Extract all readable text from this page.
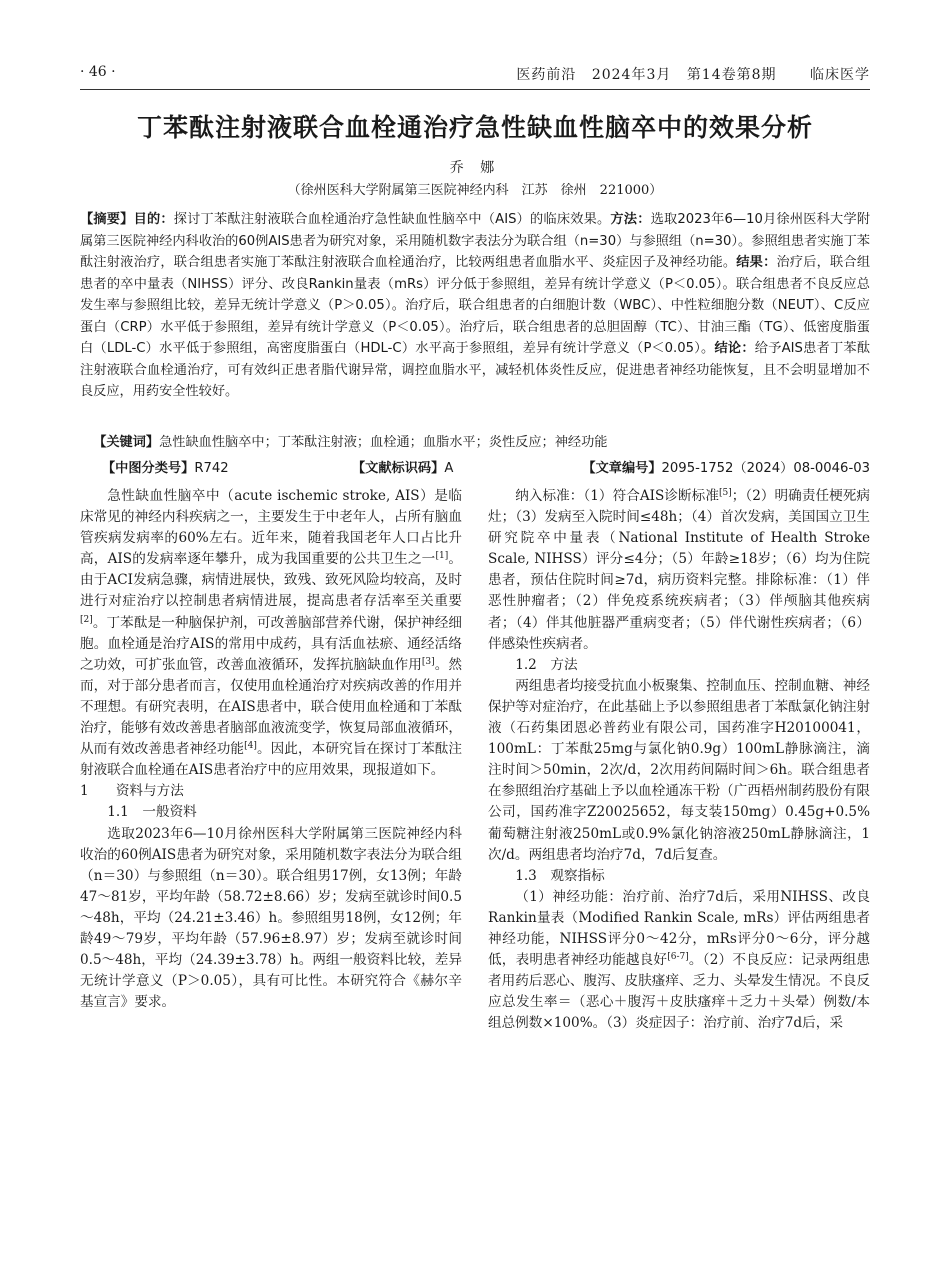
· 46 ·	医药前沿 2024年3月 第14卷第8期 临床医学
丁苯酞注射液联合血栓通治疗急性缺血性脑卒中的效果分析
乔 娜
（徐州医科大学附属第三医院神经内科　江苏　徐州　221000）
【摘要】目的：探讨丁苯酞注射液联合血栓通治疗急性缺血性脑卒中（AIS）的临床效果。方法：选取2023年6—10月徐州医科大学附属第三医院神经内科收治的60例AIS患者为研究对象，采用随机数字表法分为联合组（n=30）与参照组（n=30）。参照组患者实施丁苯酞注射液治疗，联合组患者实施丁苯酞注射液联合血栓通治疗，比较两组患者血脂水平、炎症因子及神经功能。结果：治疗后，联合组患者的卒中量表（NIHSS）评分、改良Rankin量表（mRs）评分低于参照组，差异有统计学意义（P＜0.05）。联合组患者不良反应总发生率与参照组比较，差异无统计学意义（P＞0.05）。治疗后，联合组患者的白细胞计数（WBC）、中性粒细胞分数（NEUT）、C反应蛋白（CRP）水平低于参照组，差异有统计学意义（P＜0.05）。治疗后，联合组患者的总胆固醇（TC）、甘油三酯（TG）、低密度脂蛋白（LDL-C）水平低于参照组，高密度脂蛋白（HDL-C）水平高于参照组，差异有统计学意义（P＜0.05）。结论：给予AIS患者丁苯酞注射液联合血栓通治疗，可有效纠正患者脂代谢异常，调控血脂水平，减轻机体炎性反应，促进患者神经功能恢复，且不会明显增加不良反应，用药安全性较好。
 【关键词】急性缺血性脑卒中；丁苯酞注射液；血栓通；血脂水平；炎性反应；神经功能
【中图分类号】R742	【文献标识码】A	【文章编号】2095-1752（2024）08-0046-03

急性缺血性脑卒中（acute ischemic stroke, AIS）是临床常见的神经内科疾病之一，主要发生于中老年人，占所有脑血管疾病发病率的60%左右。近年来，随着我国老年人口占比升高，AIS的发病率逐年攀升，成为我国重要的公共卫生之一[1]。由于ACI发病急骤，病情进展快，致残、致死风险均较高，及时进行对症治疗以控制患者病情进展，提高患者存活率至关重要[2]。丁苯酞是一种脑保护剂，可改善脑部营养代谢，保护神经细胞。血栓通是治疗AIS的常用中成药，具有活血祛瘀、通经活络之功效，可扩张血管，改善血液循环，发挥抗脑缺血作用[3]。然而，对于部分患者而言，仅使用血栓通治疗对疾病改善的作用并不理想。有研究表明，在AIS患者中，联合使用血栓通和丁苯酞治疗，能够有效改善患者脑部血液流变学，恢复局部血液循环，从而有效改善患者神经功能[4]。因此，本研究旨在探讨丁苯酞注射液联合血栓通在AIS患者治疗中的应用效果，现报道如下。

1　　资料与方法

1.1　一般资料

选取2023年6—10月徐州医科大学附属第三医院神经内科收治的60例AIS患者为研究对象，采用随机数字表法分为联合组（n＝30）与参照组（n＝30）。联合组男17例，女13例；年龄47～81岁，平均年龄（58.72±8.66）岁；发病至就诊时间0.5～48h，平均（24.21±3.46）h。参照组男18例，女12例；年龄49～79岁，平均年龄（57.96±8.97）岁；发病至就诊时间0.5～48h，平均（24.39±3.78）h。两组一般资料比较，差异无统计学意义（P＞0.05），具有可比性。本研究符合《赫尔辛基宣言》要求。

纳入标准：（1）符合AIS诊断标准[5]；（2）明确责任梗死病灶；（3）发病至入院时间≤48h；（4）首次发病，美国国立卫生研究院卒中量表（National Institute of Health Stroke Scale, NIHSS）评分≤4分；（5）年龄≥18岁；（6）均为住院患者，预估住院时间≥7d，病历资料完整。排除标准：（1）伴恶性肿瘤者；（2）伴免疫系统疾病者；（3）伴颅脑其他疾病者；（4）伴其他脏器严重病变者；（5）伴代谢性疾病者；（6）伴感染性疾病者。

1.2　方法

两组患者均接受抗血小板聚集、控制血压、控制血糖、神经保护等对症治疗，在此基础上予以参照组患者丁苯酞氯化钠注射液（石药集团恩必普药业有限公司，国药准字H20100041，100mL：丁苯酞25mg与氯化钠0.9g）100mL静脉滴注，滴注时间＞50min，2次/d，2次用药间隔时间＞6h。联合组患者在参照组治疗基础上予以血栓通冻干粉（广西梧州制药股份有限公司，国药准字Z20025652，每支装150mg）0.45g+0.5%葡萄糖注射液250mL或0.9%氯化钠溶液250mL静脉滴注，1次/d。两组患者均治疗7d，7d后复查。

1.3　观察指标

（1）神经功能：治疗前、治疗7d后，采用NIHSS、改良Rankin量表（Modified Rankin Scale, mRs）评估两组患者神经功能，NIHSS评分0～42分，mRs评分0～6分，评分越低，表明患者神经功能越良好[6-7]。（2）不良反应：记录两组患者用药后恶心、腹泻、皮肤瘙痒、乏力、头晕发生情况。不良反应总发生率＝（恶心＋腹泻＋皮肤瘙痒＋乏力＋头晕）例数/本组总例数×100%。（3）炎症因子：治疗前、治疗7d后，采
